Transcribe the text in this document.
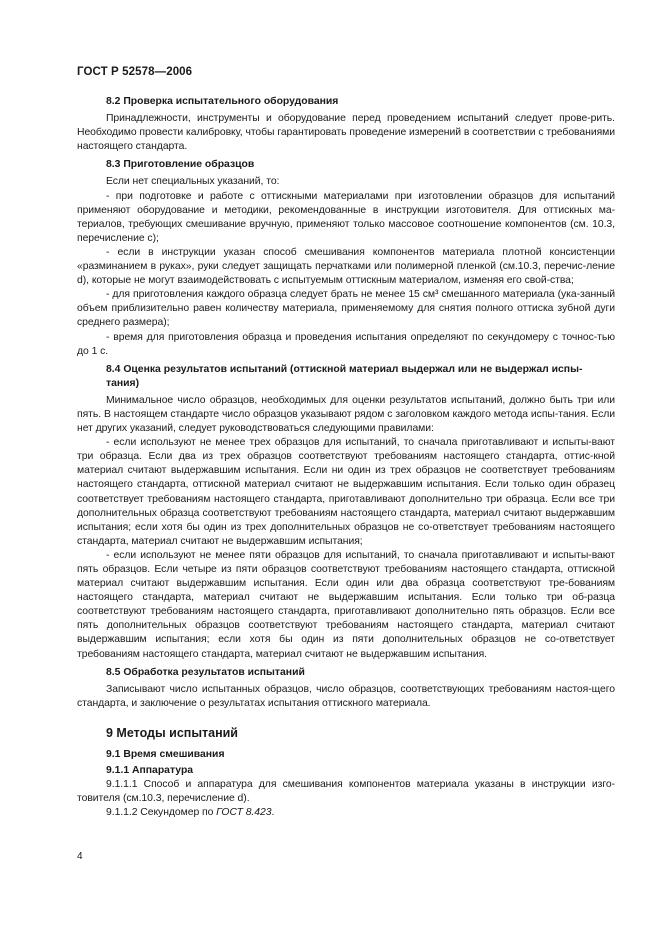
ГОСТ Р 52578—2006
8.2 Проверка испытательного оборудования

Принадлежности, инструменты и оборудование перед проведением испытаний следует прове-рить. Необходимо провести калибровку, чтобы гарантировать проведение измерений в соответствии с требованиями настоящего стандарта.

8.3 Приготовление образцов

Если нет специальных указаний, то:

- при подготовке и работе с оттискными материалами при изготовлении образцов для испытаний применяют оборудование и методики, рекомендованные в инструкции изготовителя. Для оттискных ма-териалов, требующих смешивание вручную, применяют только массовое соотношение компонентов (см. 10.3, перечисление с);

- если в инструкции указан способ смешивания компонентов материала плотной консистенции «разминанием в руках», руки следует защищать перчатками или полимерной пленкой (см.10.3, перечис-ление d), которые не могут взаимодействовать с испытуемым оттискным материалом, изменяя его свой-ства;

- для приготовления каждого образца следует брать не менее 15 см³ смешанного материала (ука-занный объем приблизительно равен количеству материала, применяемому для снятия полного оттиска зубной дуги среднего размера);

- время для приготовления образца и проведения испытания определяют по секундомеру с точнос-тью до 1 с.

8.4 Оценка результатов испытаний (оттискной материал выдержал или не выдержал испы-тания)

Минимальное число образцов, необходимых для оценки результатов испытаний, должно быть три или пять. В настоящем стандарте число образцов указывают рядом с заголовком каждого метода испы-тания. Если нет других указаний, следует руководствоваться следующими правилами:

- если используют не менее трех образцов для испытаний, то сначала приготавливают и испыты-вают три образца. Если два из трех образцов соответствуют требованиям настоящего стандарта, оттис-кной материал считают выдержавшим испытания. Если ни один из трех образцов не соответствует требованиям настоящего стандарта, оттискной материал считают не выдержавшим испытания. Если только один образец соответствует требованиям настоящего стандарта, приготавливают дополнительно три образца. Если все три дополнительных образца соответствуют требованиям настоящего стандарта, материал считают выдержавшим испытания; если хотя бы один из трех дополнительных образцов не со-ответствует требованиям настоящего стандарта, материал считают не выдержавшим испытания;

- если используют не менее пяти образцов для испытаний, то сначала приготавливают и испыты-вают пять образцов. Если четыре из пяти образцов соответствуют требованиям настоящего стандарта, оттискной материал считают выдержавшим испытания. Если один или два образца соответствуют тре-бованиям настоящего стандарта, материал считают не выдержавшим испытания. Если только три об-разца соответствуют требованиям настоящего стандарта, приготавливают дополнительно пять образцов. Если все пять дополнительных образцов соответствуют требованиям настоящего стандарта, материал считают выдержавшим испытания; если хотя бы один из пяти дополнительных образцов не со-ответствует требованиям настоящего стандарта, материал считают не выдержавшим испытания.

8.5 Обработка результатов испытаний

Записывают число испытанных образцов, число образцов, соответствующих требованиям настоя-щего стандарта, и заключение о результатах испытания оттискного материала.

9 Методы испытаний
9.1 Время смешивания
9.1.1 Аппаратура

9.1.1.1 Способ и аппаратура для смешивания компонентов материала указаны в инструкции изго-товителя (см.10.3, перечисление d).

9.1.1.2 Секундомер по ГОСТ 8.423.

4
